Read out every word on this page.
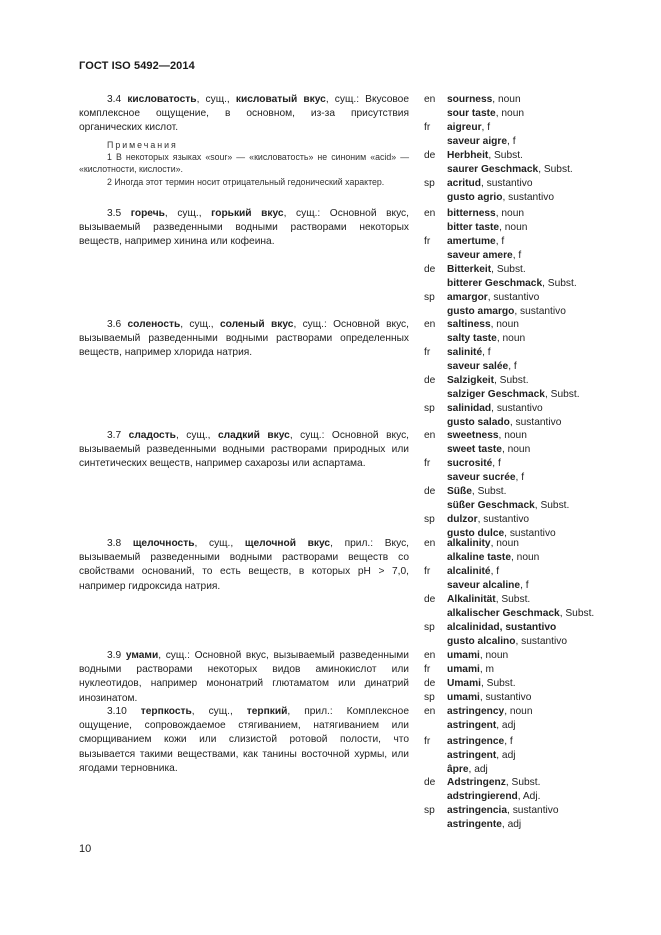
ГОСТ ISO 5492—2014

3.4 кисловатость, сущ., кисловатый вкус, сущ.: Вкусовое комплексное ощущение, в основном, из-за присутствия органических кислот.

Примечания

1 В некоторых языках «sour» — «кисловатость» не синоним «acid» — «кислотности, кислости».

2 Иногда этот термин носит отрицательный гедонический характер.

3.5 горечь, сущ., горький вкус, сущ.: Основной вкус, вызываемый разведенными водными растворами некоторых веществ, например хинина или кофеина.

3.6 соленость, сущ., соленый вкус, сущ.: Основной вкус, вызываемый разведенными водными растворами определенных веществ, например хлорида натрия.

3.7 сладость, сущ., сладкий вкус, сущ.: Основной вкус, вызываемый разведенными водными растворами природных или синтетических веществ, например сахарозы или аспартама.

3.8 щелочность, сущ., щелочной вкус, прил.: Вкус, вызываемый разведенными водными растворами веществ со свойствами оснований, то есть веществ, в которых pH > 7,0, например гидроксида натрия.

3.9 умами, сущ.: Основной вкус, вызываемый разведенными водными растворами некоторых видов аминокислот или нуклеотидов, например мононатрий глютаматом или динатрий инозинатом.

3.10 терпкость, сущ., терпкий, прил.: Комплексное ощущение, сопровождаемое стягиванием, натягиванием или сморщиванием кожи или слизистой ротовой полости, что вызывается такими веществами, как танины восточной хурмы, или ягодами терновника.

en	sourness, noun
sour taste, noun
fr	aigreur, f
saveur aigre, f
de	Herbheit, Subst.
saurer Geschmack, Subst.
sp	acritud, sustantivo
gusto agrio, sustantivo
en	bitterness, noun
bitter taste, noun
fr	amertume, f
saveur amere, f
de	Bitterkeit, Subst.
bitterer Geschmack, Subst.
sp	amargor, sustantivo
gusto amargo, sustantivo
en	saltiness, noun
salty taste, noun
fr	salinité, f
saveur salée, f
de	Salzigkeit, Subst.
salziger Geschmack, Subst.
sp	salinidad, sustantivo
gusto salado, sustantivo
en	sweetness, noun
sweet taste, noun
fr	sucrosité, f
saveur sucrée, f
de	Süße, Subst.
süßer Geschmack, Subst.
sp	dulzor, sustantivo
gusto dulce, sustantivo
en	alkalinity, noun
alkaline taste, noun
fr	alcalinité, f
saveur alcaline, f
de	Alkalinität, Subst.
alkalischer Geschmack, Subst.
sp	alcalinidad, sustantivo
gusto alcalino, sustantivo
en	umami, noun
fr	umami, m
de	Umami, Subst.
sp	umami, sustantivo
en	astringency, noun
astringent, adj
fr	astringence, f
astringent, adj
âpre, adj
de	Adstringenz, Subst.
adstringierend, Adj.
sp	astringencia, sustantivo
astringente, adj
10
